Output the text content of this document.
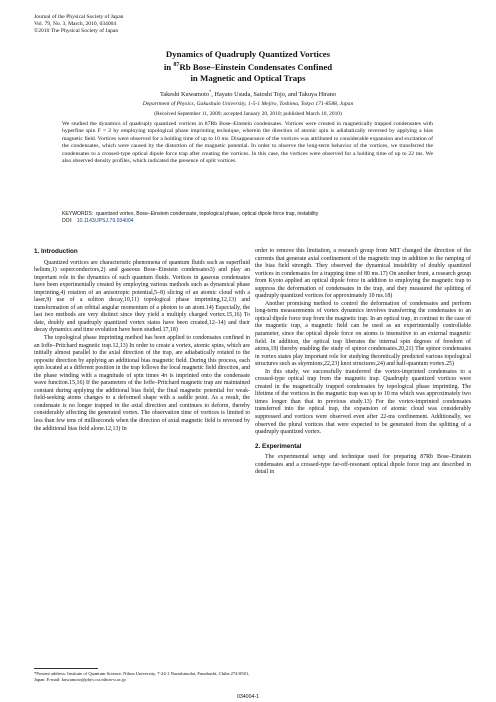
Journal of the Physical Society of Japan
Vol. 79, No. 3, March, 2010, 034004
©2010 The Physical Society of Japan
Dynamics of Quadruply Quantized Vortices
in $^{87}$Rb Bose–Einstein Condensates Confined
in Magnetic and Optical Traps
Takeshi Kuwamoto*, Hayato Usuda, Satoshi Tojo, and Takuya Hirano
Department of Physics, Gakushuin University, 1-5-1 Mejiro, Toshima, Tokyo 171-8588, Japan
(Received September 11, 2009; accepted January 20, 2010; published March 10, 2010)
We studied the dynamics of quadruply quantized vortices in 87Rb Bose–Einstein condensates. Vortices were created in magnetically trapped condensates with hyperfine spin F = 2 by employing topological phase imprinting technique, wherein the direction of atomic spin is adiabatically reversed by applying a bias magnetic field. Vortices were observed for a holding time of up to 10 ms. Disappearance of the vortices was attributed to considerable expansion and excitation of the condensates, which were caused by the distortion of the magnetic potential. In order to observe the long-term behavior of the vortices, we transferred the condensates to a crossed-type optical dipole force trap after creating the vortices. In this case, the vortices were observed for a holding time of up to 22 ms. We also observed density profiles, which indicated the presence of split vortices.
KEYWORDS: quantized vortex, Bose–Einstein condensate, topological phase, optical dipole force trap, instability
DOI: 10.1143/JPSJ.79.034004
1. Introduction

Quantized vortices are characteristic phenomena of quantum fluids such as superfluid helium,1) superconductors,2) and gaseous Bose–Einstein condensates3) and play an important role in the dynamics of such quantum fluids. Vortices in gaseous condensates have been experimentally created by employing various methods such as dynamical phase imprinting,4) rotation of an anisotropic potential,5–8) slicing of an atomic cloud with a laser,9) use of a soliton decay,10,11) topological phase imprinting,12,13) and transformation of an orbital angular momentum of a photon to an atom.14) Especially, the last two methods are very distinct since they yield a multiply charged vortex.15,16) To date, doubly and quadruply quantized vortex states have been created,12–14) and their decay dynamics and time evolution have been studied.17,18)

The topological phase imprinting method has been applied to condensates confined in an Ioffe–Pritchard magnetic trap.12,13) In order to create a vortex, atomic spins, which are initially almost parallel to the axial direction of the trap, are adiabatically rotated to the opposite direction by applying an additional bias magnetic field. During this process, each spin located at a different position in the trap follows the local magnetic field direction, and the phase winding with a magnitude of spin times 4π is imprinted onto the condensate wave function.15,16) If the parameters of the Ioffe–Pritchard magnetic trap are maintained constant during applying the additional bias field, the final magnetic potential for weak-field-seeking atoms changes to a deformed shape with a saddle point. As a result, the condensate is no longer trapped in the axial direction and continues to deform, thereby considerably affecting the generated vortex. The observation time of vortices is limited to less than few tens of milliseconds when the direction of axial magnetic field is reversed by the additional bias field alone.12,13) In

order to remove this limitation, a research group from MIT changed the direction of the currents that generate axial confinement of the magnetic trap in addition to the ramping of the bias field strength. They observed the dynamical instability of doubly quantized vortices in condensates for a trapping time of 80 ms.17) On another front, a research group from Kyoto applied an optical dipole force in addition to employing the magnetic trap to suppress the deformation of condensates in the trap, and they measured the splitting of quadruply quantized vortices for approximately 10 ms.18)

Another promising method to control the deformation of condensates and perform long-term measurements of vortex dynamics involves transferring the condensates to an optical dipole force trap from the magnetic trap. In an optical trap, in contrast to the case of the magnetic trap, a magnetic field can be used as an experimentally controllable parameter, since the optical dipole force on atoms is insensitive to an external magnetic field. In addition, the optical trap liberates the internal spin degrees of freedom of atoms,19) thereby enabling the study of spinor condensates.20,21) The spinor condensates in vortex states play important role for studying theoretically predicted various topological structures such as skyrmions,22,23) knot structures,24) and half-quantum vortex.25)

In this study, we successfully transferred the vortex-imprinted condensates to a crossed-type optical trap from the magnetic trap. Quadruply quantized vortices were created in the magnetically trapped condensates by topological phase imprinting. The lifetime of the vortices in the magnetic trap was up to 10 ms which was approximately two times longer than that in previous study.13) For the vortex-imprinted condensates transferred into the optical trap, the expansion of atomic cloud was considerably suppressed and vortices were observed even after 22-ms confinement. Additionally, we observed the plural vortices that were expected to be generated from the splitting of a quadruply quantized vortex.

2. Experimental

The experimental setup and technique used for preparing 87Rb Bose–Einstein condensates and a crossed-type far-off-resonant optical dipole force trap are described in detail in

*Present address: Institute of Quantum Science, Nihon University, 7-24-1 Narashinodai, Funabashi, Chiba 274-8501, Japan. E-mail: kuwamoto@phys.cst.nihon-u.ac.jp
034004-1
